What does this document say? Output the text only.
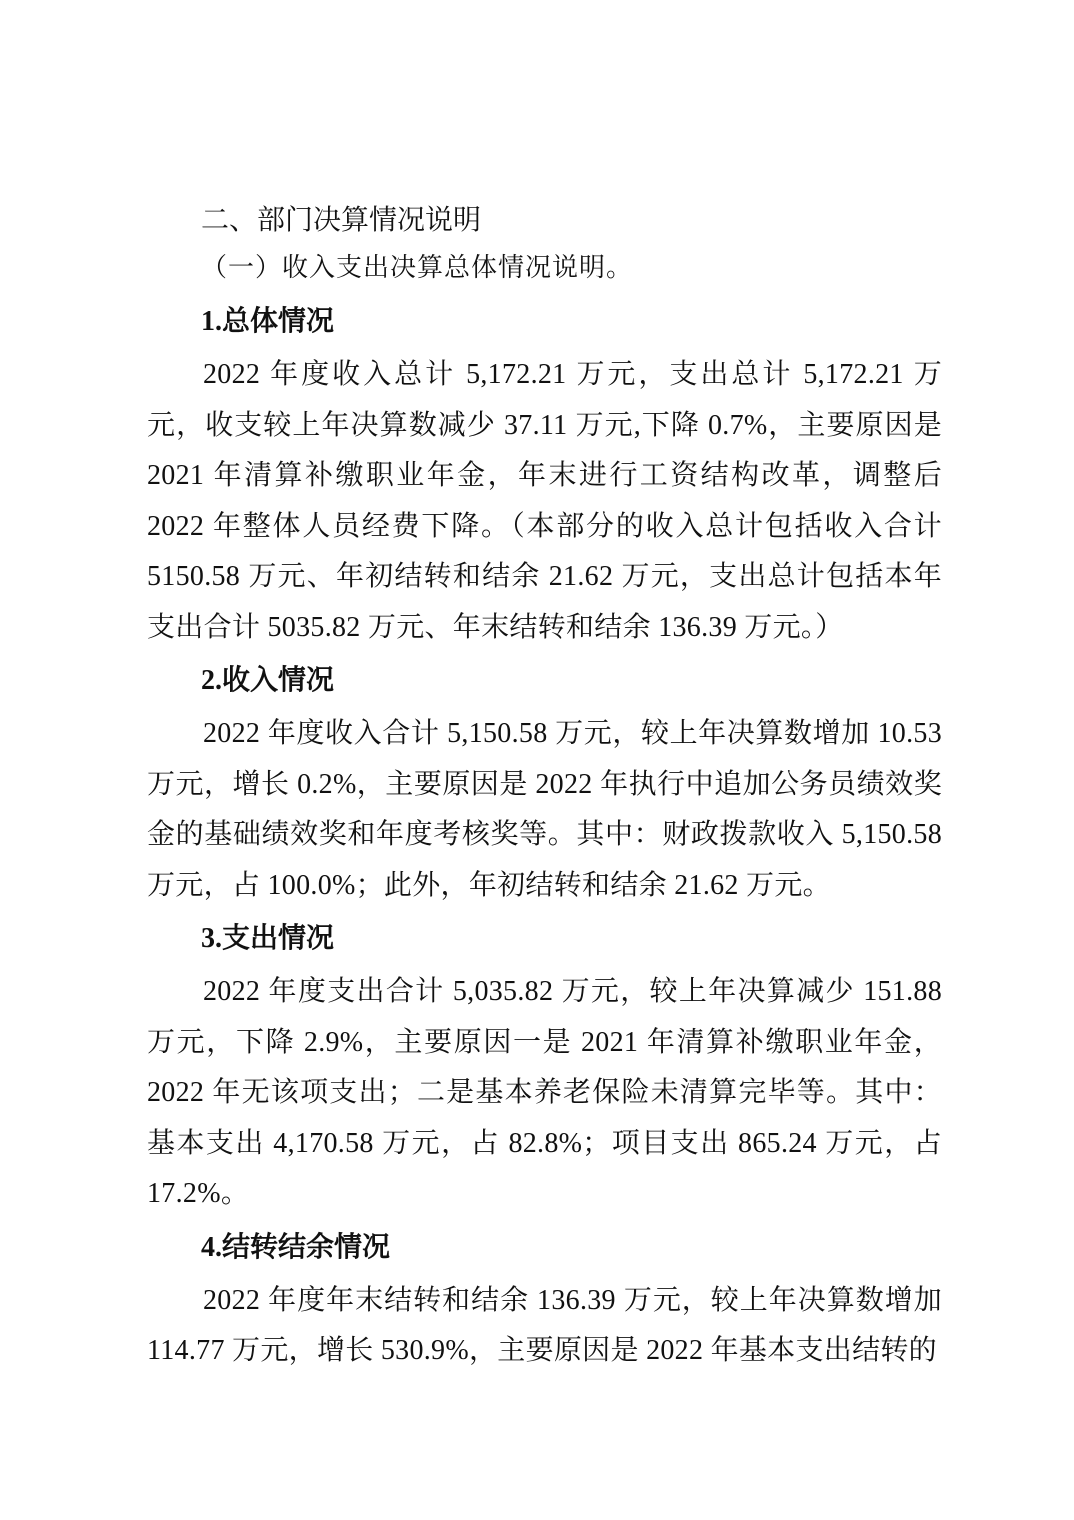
二、部门决算情况说明
（一）收入支出决算总体情况说明。
1.总体情况
2022 年度收入总计 5,172.21 万元，支出总计 5,172.21 万元，收支较上年决算数减少 37.11 万元,下降 0.7%，主要原因是 2021 年清算补缴职业年金，年末进行工资结构改革，调整后 2022 年整体人员经费下降。（本部分的收入总计包括收入合计 5150.58 万元、年初结转和结余 21.62 万元，支出总计包括本年支出合计 5035.82 万元、年末结转和结余 136.39 万元。）
2.收入情况
2022 年度收入合计 5,150.58 万元，较上年决算数增加 10.53 万元，增长 0.2%，主要原因是 2022 年执行中追加公务员绩效奖金的基础绩效奖和年度考核奖等。其中：财政拨款收入 5,150.58 万元，占 100.0%；此外，年初结转和结余 21.62 万元。
3.支出情况
2022 年度支出合计 5,035.82 万元，较上年决算减少 151.88 万元，下降 2.9%，主要原因一是 2021 年清算补缴职业年金，2022 年无该项支出；二是基本养老保险未清算完毕等。其中：基本支出 4,170.58 万元，占 82.8%；项目支出 865.24 万元，占 17.2%。
4.结转结余情况
2022 年度年末结转和结余 136.39 万元，较上年决算数增加 114.77 万元，增长 530.9%，主要原因是 2022 年基本支出结转的
